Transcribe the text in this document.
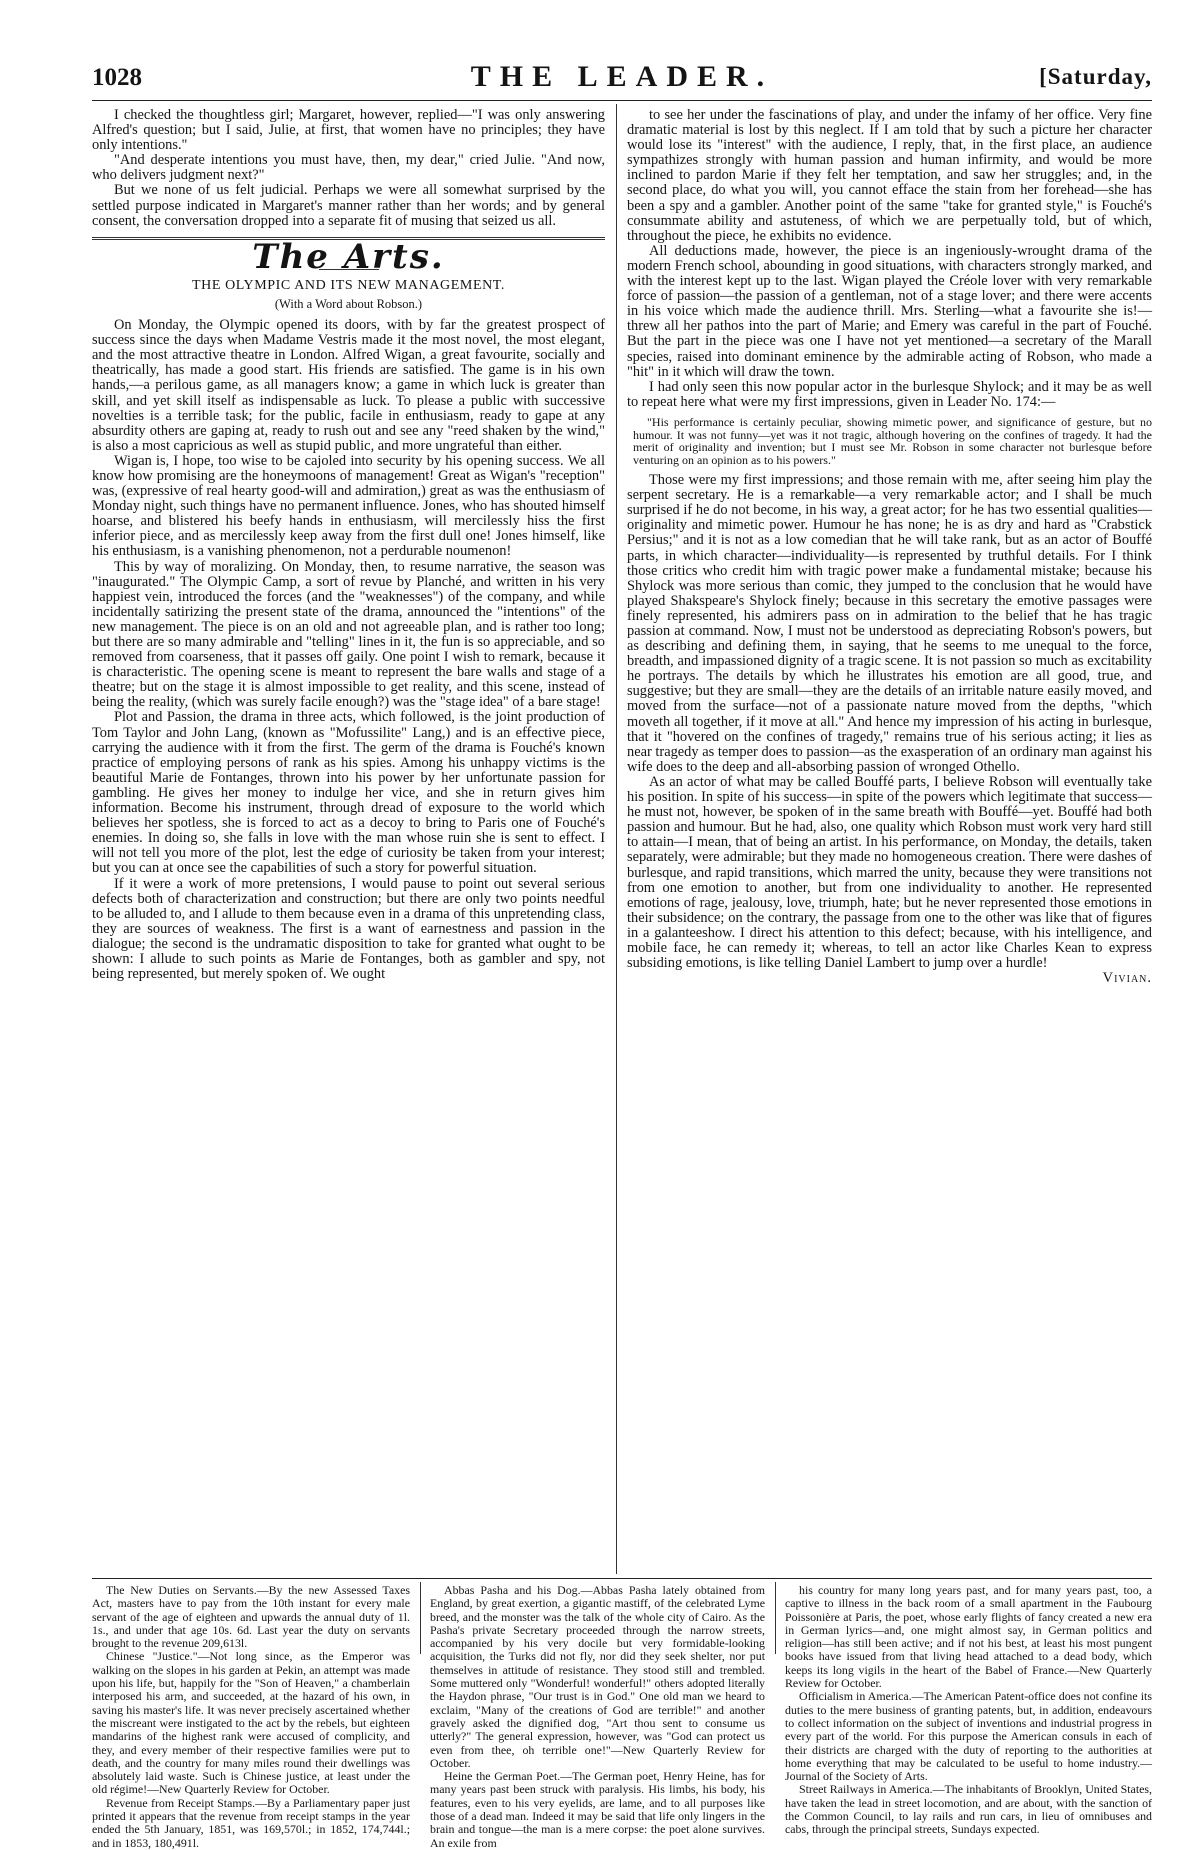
1028	THE LEADER.	[Saturday,

I checked the thoughtless girl; Margaret, however, replied—"I was only answering Alfred's question; but I said, Julie, at first, that women have no principles; they have only intentions."

"And desperate intentions you must have, then, my dear," cried Julie. "And now, who delivers judgment next?"

But we none of us felt judicial. Perhaps we were all somewhat surprised by the settled purpose indicated in Margaret's manner rather than her words; and by general consent, the conversation dropped into a separate fit of musing that seized us all.

The Arts.
THE OLYMPIC AND ITS NEW MANAGEMENT.
(With a Word about Robson.)

On Monday, the Olympic opened its doors, with by far the greatest prospect of success since the days when Madame Vestris made it the most novel, the most elegant, and the most attractive theatre in London. Alfred Wigan, a great favourite, socially and theatrically, has made a good start. His friends are satisfied. The game is in his own hands,—a perilous game, as all managers know; a game in which luck is greater than skill, and yet skill itself as indispensable as luck. To please a public with successive novelties is a terrible task; for the public, facile in enthusiasm, ready to gape at any absurdity others are gaping at, ready to rush out and see any "reed shaken by the wind," is also a most capricious as well as stupid public, and more ungrateful than either.

Wigan is, I hope, too wise to be cajoled into security by his opening success. We all know how promising are the honeymoons of management! Great as Wigan's "reception" was, (expressive of real hearty good-will and admiration,) great as was the enthusiasm of Monday night, such things have no permanent influence. Jones, who has shouted himself hoarse, and blistered his beefy hands in enthusiasm, will mercilessly hiss the first inferior piece, and as mercilessly keep away from the first dull one! Jones himself, like his enthusiasm, is a vanishing phenomenon, not a perdurable noumenon!

This by way of moralizing. On Monday, then, to resume narrative, the season was "inaugurated." The Olympic Camp, a sort of revue by Planché, and written in his very happiest vein, introduced the forces (and the "weaknesses") of the company, and while incidentally satirizing the present state of the drama, announced the "intentions" of the new management. The piece is on an old and not agreeable plan, and is rather too long; but there are so many admirable and "telling" lines in it, the fun is so appreciable, and so removed from coarseness, that it passes off gaily. One point I wish to remark, because it is characteristic. The opening scene is meant to represent the bare walls and stage of a theatre; but on the stage it is almost impossible to get reality, and this scene, instead of being the reality, (which was surely facile enough?) was the "stage idea" of a bare stage!

Plot and Passion, the drama in three acts, which followed, is the joint production of Tom Taylor and John Lang, (known as "Mofussilite" Lang,) and is an effective piece, carrying the audience with it from the first. The germ of the drama is Fouché's known practice of employing persons of rank as his spies. Among his unhappy victims is the beautiful Marie de Fontanges, thrown into his power by her unfortunate passion for gambling. He gives her money to indulge her vice, and she in return gives him information. Become his instrument, through dread of exposure to the world which believes her spotless, she is forced to act as a decoy to bring to Paris one of Fouché's enemies. In doing so, she falls in love with the man whose ruin she is sent to effect. I will not tell you more of the plot, lest the edge of curiosity be taken from your interest; but you can at once see the capabilities of such a story for powerful situation.

If it were a work of more pretensions, I would pause to point out several serious defects both of characterization and construction; but there are only two points needful to be alluded to, and I allude to them because even in a drama of this unpretending class, they are sources of weakness. The first is a want of earnestness and passion in the dialogue; the second is the undramatic disposition to take for granted what ought to be shown: I allude to such points as Marie de Fontanges, both as gambler and spy, not being represented, but merely spoken of. We ought

to see her under the fascinations of play, and under the infamy of her office. Very fine dramatic material is lost by this neglect. If I am told that by such a picture her character would lose its "interest" with the audience, I reply, that, in the first place, an audience sympathizes strongly with human passion and human infirmity, and would be more inclined to pardon Marie if they felt her temptation, and saw her struggles; and, in the second place, do what you will, you cannot efface the stain from her forehead—she has been a spy and a gambler. Another point of the same "take for granted style," is Fouché's consummate ability and astuteness, of which we are perpetually told, but of which, throughout the piece, he exhibits no evidence.

All deductions made, however, the piece is an ingeniously-wrought drama of the modern French school, abounding in good situations, with characters strongly marked, and with the interest kept up to the last. Wigan played the Créole lover with very remarkable force of passion—the passion of a gentleman, not of a stage lover; and there were accents in his voice which made the audience thrill. Mrs. Sterling—what a favourite she is!—threw all her pathos into the part of Marie; and Emery was careful in the part of Fouché. But the part in the piece was one I have not yet mentioned—a secretary of the Marall species, raised into dominant eminence by the admirable acting of Robson, who made a "hit" in it which will draw the town.

I had only seen this now popular actor in the burlesque Shylock; and it may be as well to repeat here what were my first impressions, given in Leader No. 174:—

"His performance is certainly peculiar, showing mimetic power, and significance of gesture, but no humour. It was not funny—yet was it not tragic, although hovering on the confines of tragedy. It had the merit of originality and invention; but I must see Mr. Robson in some character not burlesque before venturing on an opinion as to his powers."

Those were my first impressions; and those remain with me, after seeing him play the serpent secretary. He is a remarkable—a very remarkable actor; and I shall be much surprised if he do not become, in his way, a great actor; for he has two essential qualities—originality and mimetic power. Humour he has none; he is as dry and hard as "Crabstick Persius;" and it is not as a low comedian that he will take rank, but as an actor of Bouffé parts, in which character—individuality—is represented by truthful details. For I think those critics who credit him with tragic power make a fundamental mistake; because his Shylock was more serious than comic, they jumped to the conclusion that he would have played Shakspeare's Shylock finely; because in this secretary the emotive passages were finely represented, his admirers pass on in admiration to the belief that he has tragic passion at command. Now, I must not be understood as depreciating Robson's powers, but as describing and defining them, in saying, that he seems to me unequal to the force, breadth, and impassioned dignity of a tragic scene. It is not passion so much as excitability he portrays. The details by which he illustrates his emotion are all good, true, and suggestive; but they are small—they are the details of an irritable nature easily moved, and moved from the surface—not of a passionate nature moved from the depths, "which moveth all together, if it move at all." And hence my impression of his acting in burlesque, that it "hovered on the confines of tragedy," remains true of his serious acting; it lies as near tragedy as temper does to passion—as the exasperation of an ordinary man against his wife does to the deep and all-absorbing passion of wronged Othello.

As an actor of what may be called Bouffé parts, I believe Robson will eventually take his position. In spite of his success—in spite of the powers which legitimate that success—he must not, however, be spoken of in the same breath with Bouffé—yet. Bouffé had both passion and humour. But he had, also, one quality which Robson must work very hard still to attain—I mean, that of being an artist. In his performance, on Monday, the details, taken separately, were admirable; but they made no homogeneous creation. There were dashes of burlesque, and rapid transitions, which marred the unity, because they were transitions not from one emotion to another, but from one individuality to another. He represented emotions of rage, jealousy, love, triumph, hate; but he never represented those emotions in their subsidence; on the contrary, the passage from one to the other was like that of figures in a galanteeshow. I direct his attention to this defect; because, with his intelligence, and mobile face, he can remedy it; whereas, to tell an actor like Charles Kean to express subsiding emotions, is like telling Daniel Lambert to jump over a hurdle!

Vivian.

The New Duties on Servants.—By the new Assessed Taxes Act, masters have to pay from the 10th instant for every male servant of the age of eighteen and upwards the annual duty of 1l. 1s., and under that age 10s. 6d. Last year the duty on servants brought to the revenue 209,613l.

Chinese "Justice."—Not long since, as the Emperor was walking on the slopes in his garden at Pekin, an attempt was made upon his life, but, happily for the "Son of Heaven," a chamberlain interposed his arm, and succeeded, at the hazard of his own, in saving his master's life. It was never precisely ascertained whether the miscreant were instigated to the act by the rebels, but eighteen mandarins of the highest rank were accused of complicity, and they, and every member of their respective families were put to death, and the country for many miles round their dwellings was absolutely laid waste. Such is Chinese justice, at least under the old régime!—New Quarterly Review for October.

Revenue from Receipt Stamps.—By a Parliamentary paper just printed it appears that the revenue from receipt stamps in the year ended the 5th January, 1851, was 169,570l.; in 1852, 174,744l.; and in 1853, 180,491l.

Abbas Pasha and his Dog.—Abbas Pasha lately obtained from England, by great exertion, a gigantic mastiff, of the celebrated Lyme breed, and the monster was the talk of the whole city of Cairo. As the Pasha's private Secretary proceeded through the narrow streets, accompanied by his very docile but very formidable-looking acquisition, the Turks did not fly, nor did they seek shelter, nor put themselves in attitude of resistance. They stood still and trembled. Some muttered only "Wonderful! wonderful!" others adopted literally the Haydon phrase, "Our trust is in God." One old man we heard to exclaim, "Many of the creations of God are terrible!" and another gravely asked the dignified dog, "Art thou sent to consume us utterly?" The general expression, however, was "God can protect us even from thee, oh terrible one!"—New Quarterly Review for October.

Heine the German Poet.—The German poet, Henry Heine, has for many years past been struck with paralysis. His limbs, his body, his features, even to his very eyelids, are lame, and to all purposes like those of a dead man. Indeed it may be said that life only lingers in the brain and tongue—the man is a mere corpse: the poet alone survives. An exile from

his country for many long years past, and for many years past, too, a captive to illness in the back room of a small apartment in the Faubourg Poissonière at Paris, the poet, whose early flights of fancy created a new era in German lyrics—and, one might almost say, in German politics and religion—has still been active; and if not his best, at least his most pungent books have issued from that living head attached to a dead body, which keeps its long vigils in the heart of the Babel of France.—New Quarterly Review for October.

Officialism in America.—The American Patent-office does not confine its duties to the mere business of granting patents, but, in addition, endeavours to collect information on the subject of inventions and industrial progress in every part of the world. For this purpose the American consuls in each of their districts are charged with the duty of reporting to the authorities at home everything that may be calculated to be useful to home industry.—Journal of the Society of Arts.

Street Railways in America.—The inhabitants of Brooklyn, United States, have taken the lead in street locomotion, and are about, with the sanction of the Common Council, to lay rails and run cars, in lieu of omnibuses and cabs, through the principal streets, Sundays expected.
